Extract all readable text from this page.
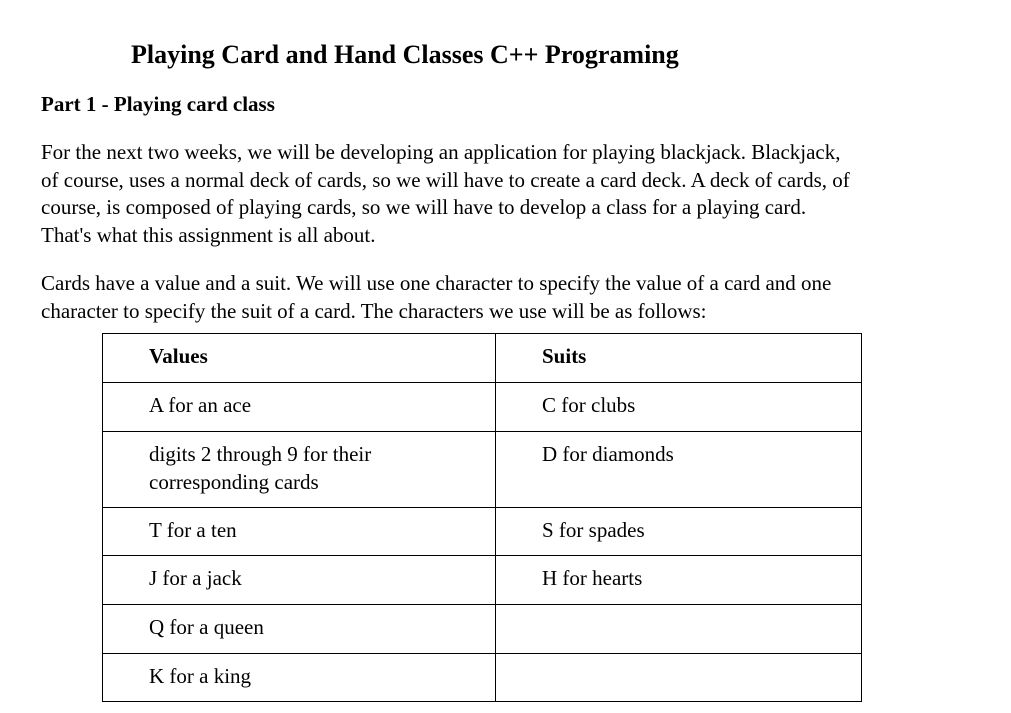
Playing Card and Hand Classes C++ Programing
Part 1 - Playing card class

For the next two weeks, we will be developing an application for playing blackjack. Blackjack,
of course, uses a normal deck of cards, so we will have to create a card deck. A deck of cards, of
course, is composed of playing cards, so we will have to develop a class for a playing card.
That's what this assignment is all about.

Cards have a value and a suit. We will use one character to specify the value of a card and one
character to specify the suit of a card. The characters we use will be as follows:

Values	Suits
A for an ace	C for clubs

digits 2 through 9 for their
corresponding cards	D for diamonds
T for a ten	S for spades
J for a jack	H for hearts
Q for a queen	
K for a king	
